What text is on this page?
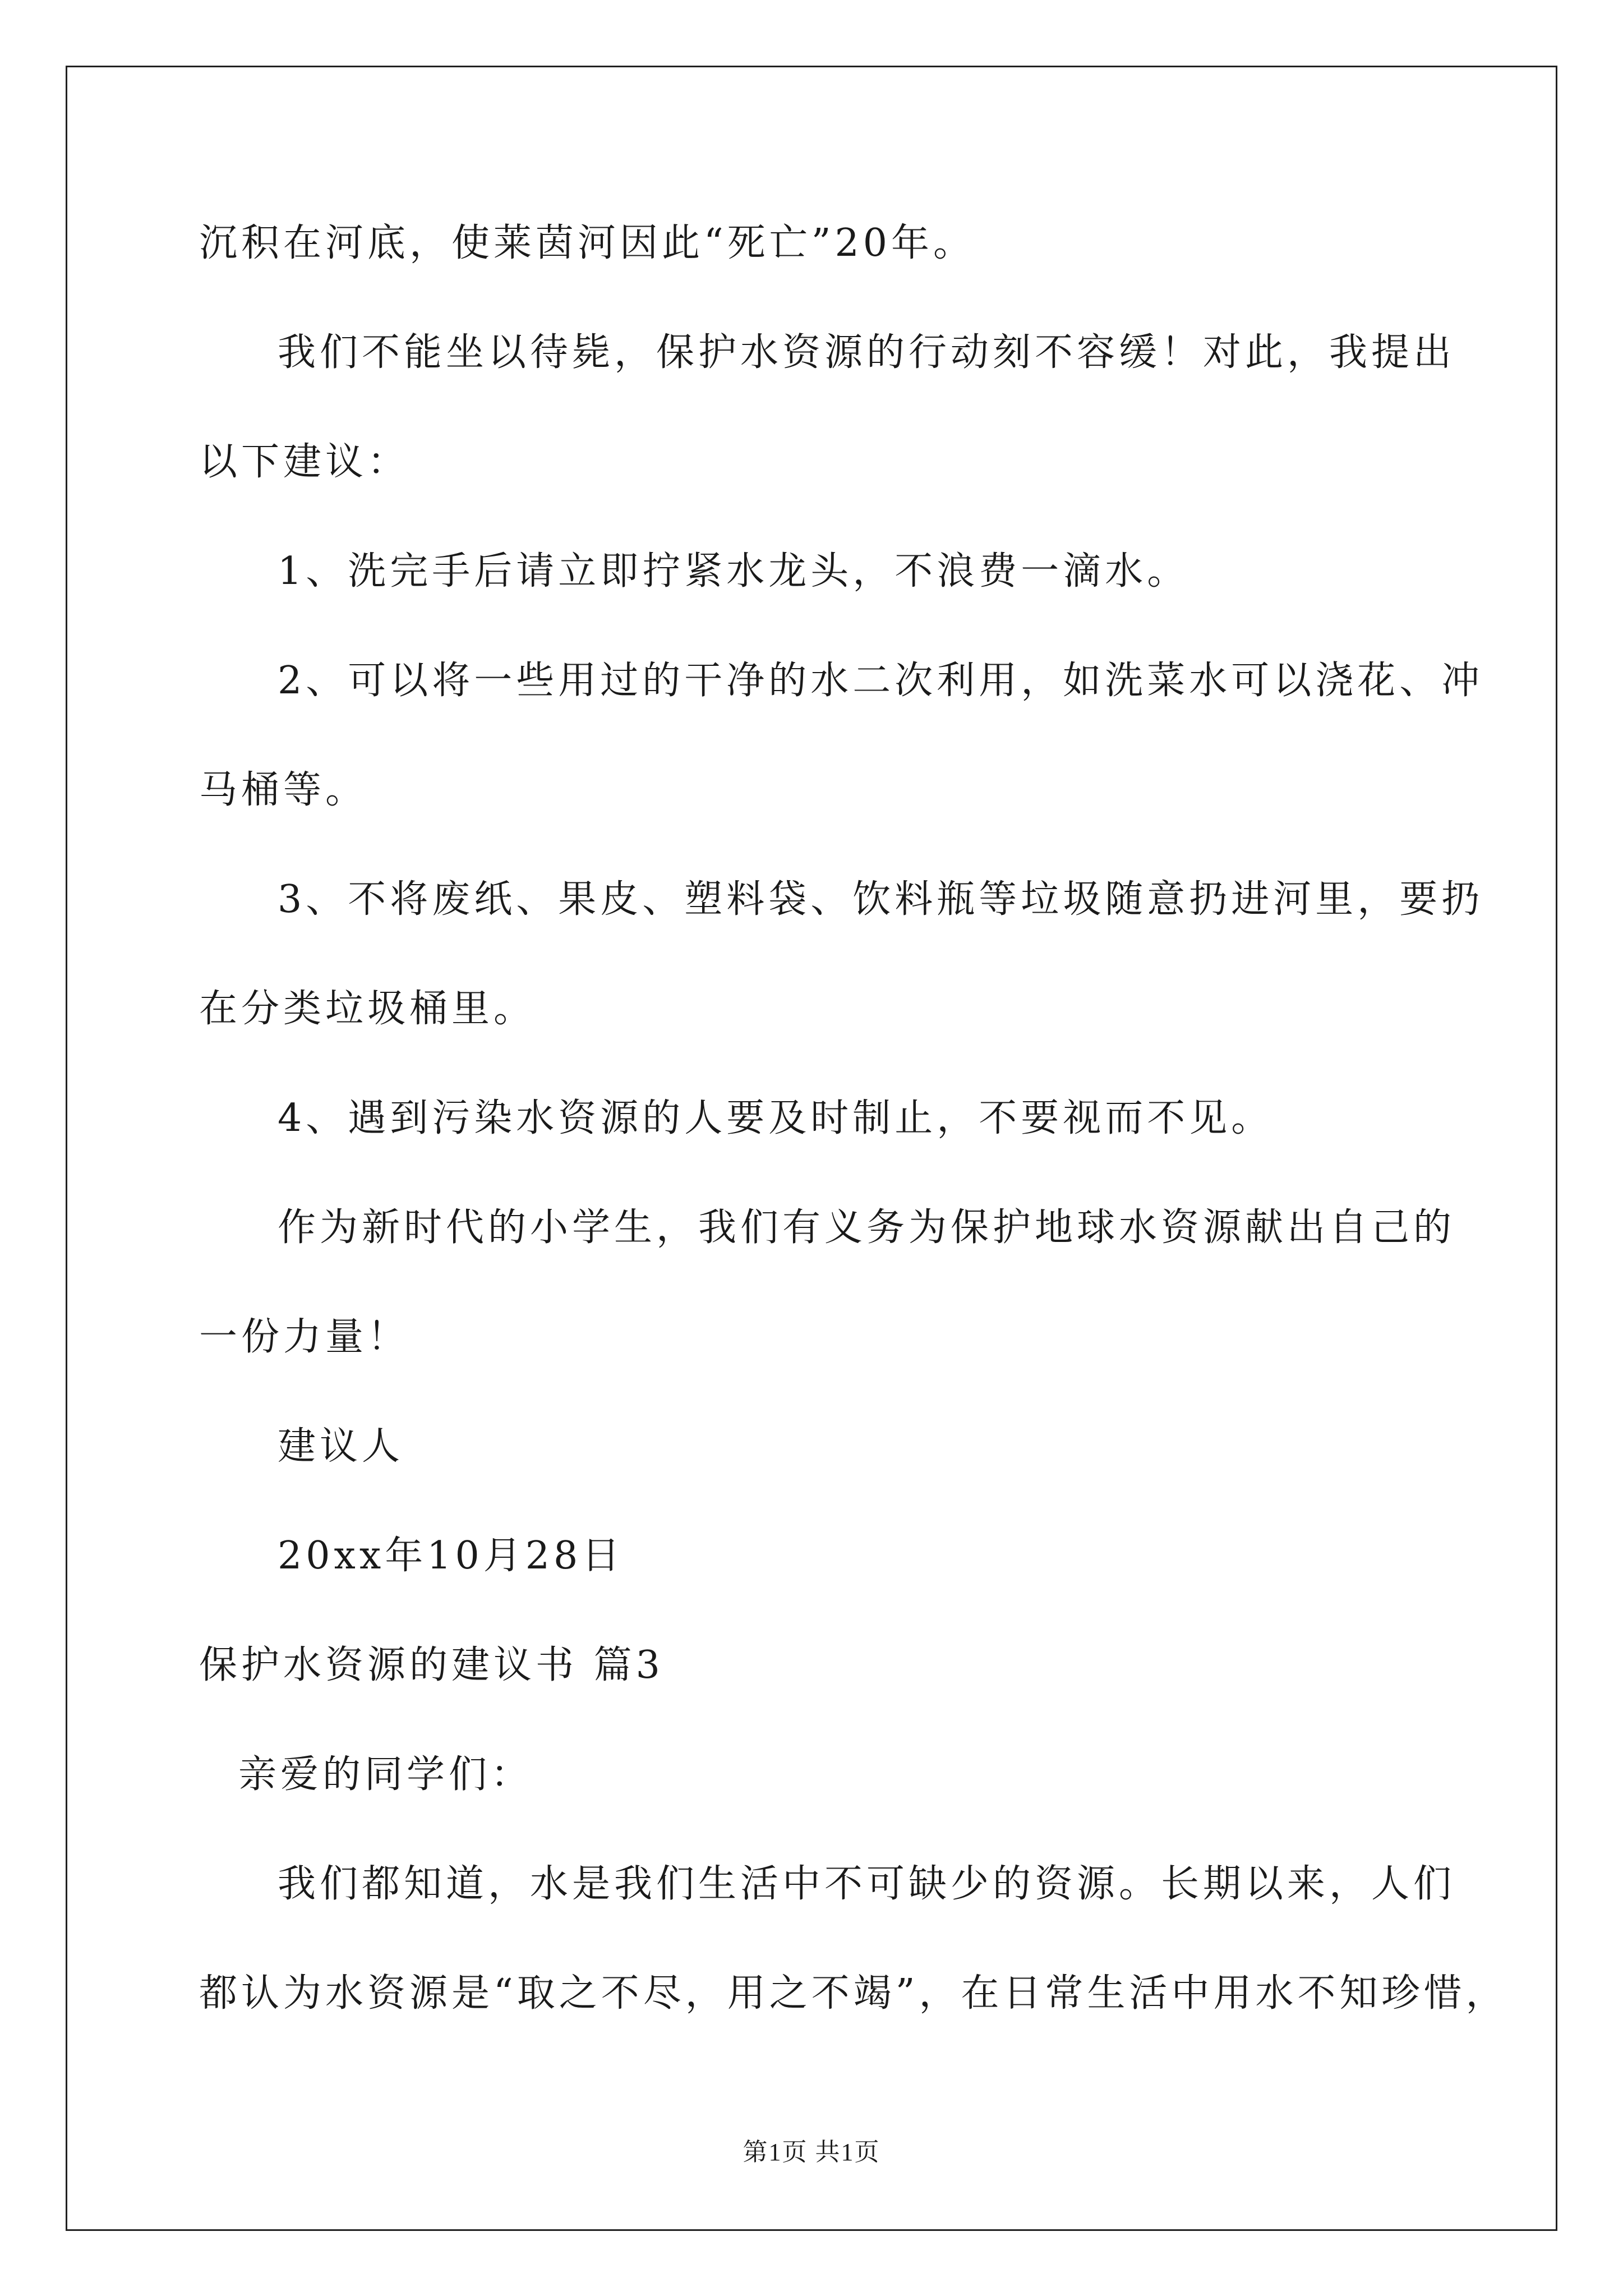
沉积在河底，使莱茵河因此“死亡”20年。
我们不能坐以待毙，保护水资源的行动刻不容缓！对此，我提出
以下建议：
1、洗完手后请立即拧紧水龙头，不浪费一滴水。
2、可以将一些用过的干净的水二次利用，如洗菜水可以浇花、冲
马桶等。
3、不将废纸、果皮、塑料袋、饮料瓶等垃圾随意扔进河里，要扔
在分类垃圾桶里。
4、遇到污染水资源的人要及时制止，不要视而不见。
作为新时代的小学生，我们有义务为保护地球水资源献出自己的
一份力量！
建议人
20xx年10月28日
保护水资源的建议书 篇3
亲爱的同学们：
我们都知道，水是我们生活中不可缺少的资源。长期以来，人们
都认为水资源是“取之不尽，用之不竭”，在日常生活中用水不知珍惜，
第1页 共1页
